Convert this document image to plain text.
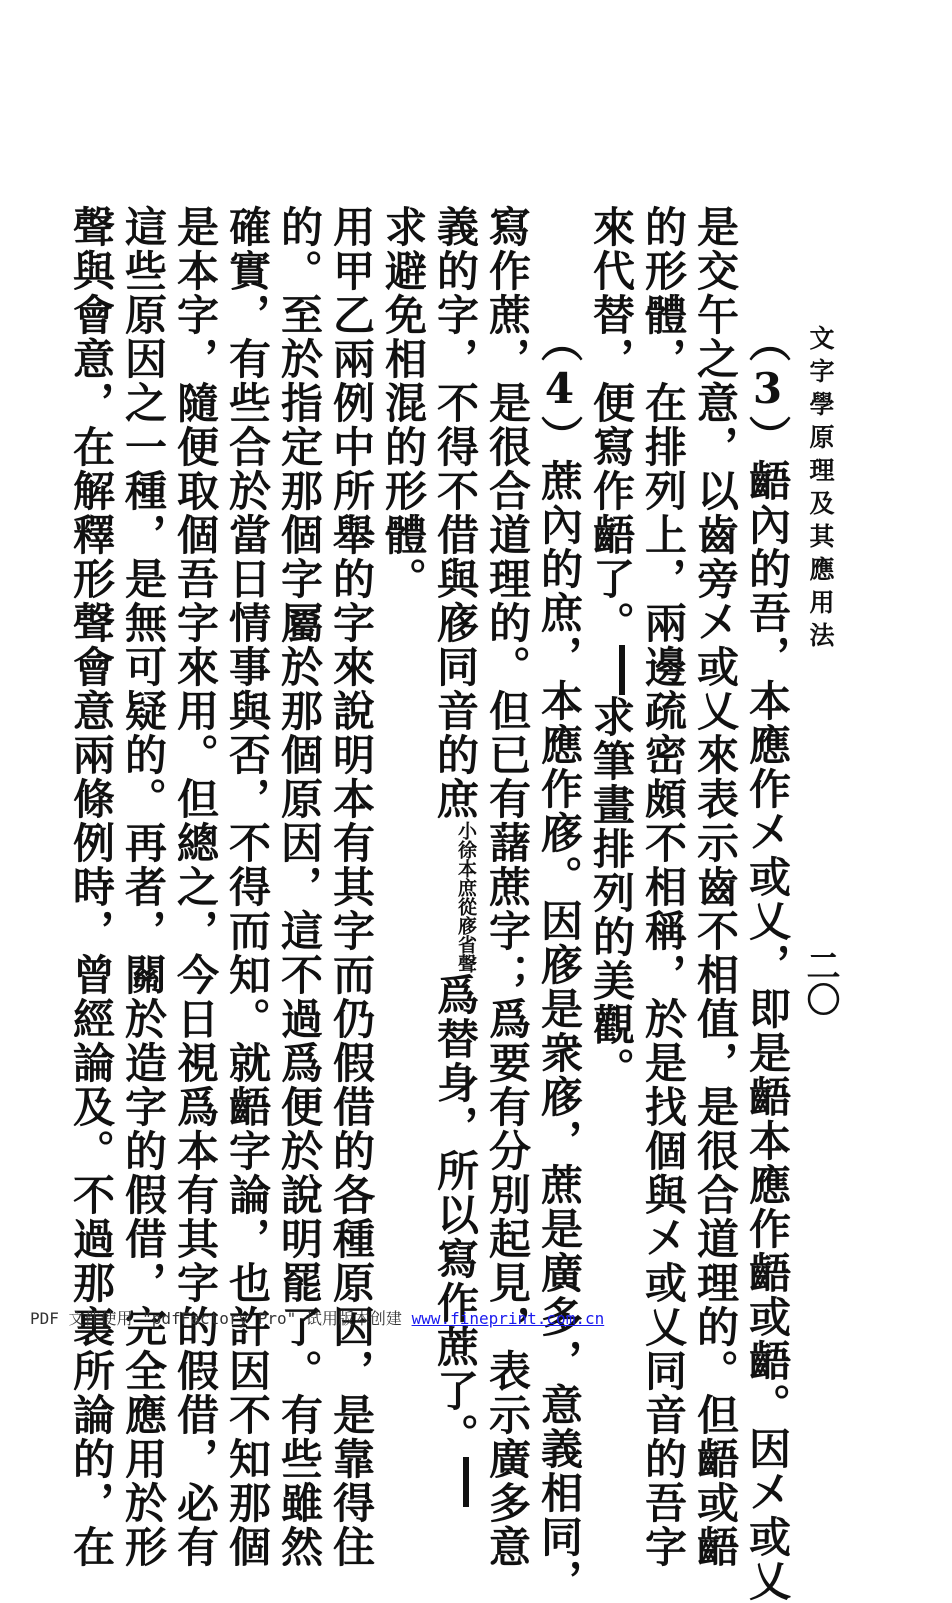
文字學原理及其應用法
二〇
（3）齬內的吾，本應作㐅或乂，即是齬本應作齬或齬。因㐅或乂
是交午之意，以齒旁㐅或乂來表示齒不相值，是很合道理的。但齬或齬
的形體，在排列上，兩邊疏密頗不相稱，於是找個與㐅或乂同音的吾字
來代替，便寫作齬了。求筆畫排列的美觀。
（4）蔗內的庶，本應作㢋。因㢋是衆㢋，蔗是廣多，意義相同，
寫作蔗，是很合道理的。但已有藷蔗字；爲要有分別起見，表示廣多意
義的字，不得不借與㢋同音的庶小徐本庶從㢋省聲爲替身，所以寫作蔗了。
求避免相混的形體。
用甲乙兩例中所舉的字來說明本有其字而仍假借的各種原因，是靠得住
的。至於指定那個字屬於那個原因，這不過爲便於說明罷了。有些雖然
確實，有些合於當日情事與否，不得而知。就齬字論，也許因不知那個
是本字，隨便取個吾字來用。但總之，今日視爲本有其字的假借，必有
這些原因之一種，是無可疑的。再者，關於造字的假借，完全應用於形
聲與會意，在解釋形聲會意兩條例時，曾經論及。不過那裏所論的，在
PDF 文件使用 "pdfFactory Pro" 试用版本创建 www.fineprint.com.cn
